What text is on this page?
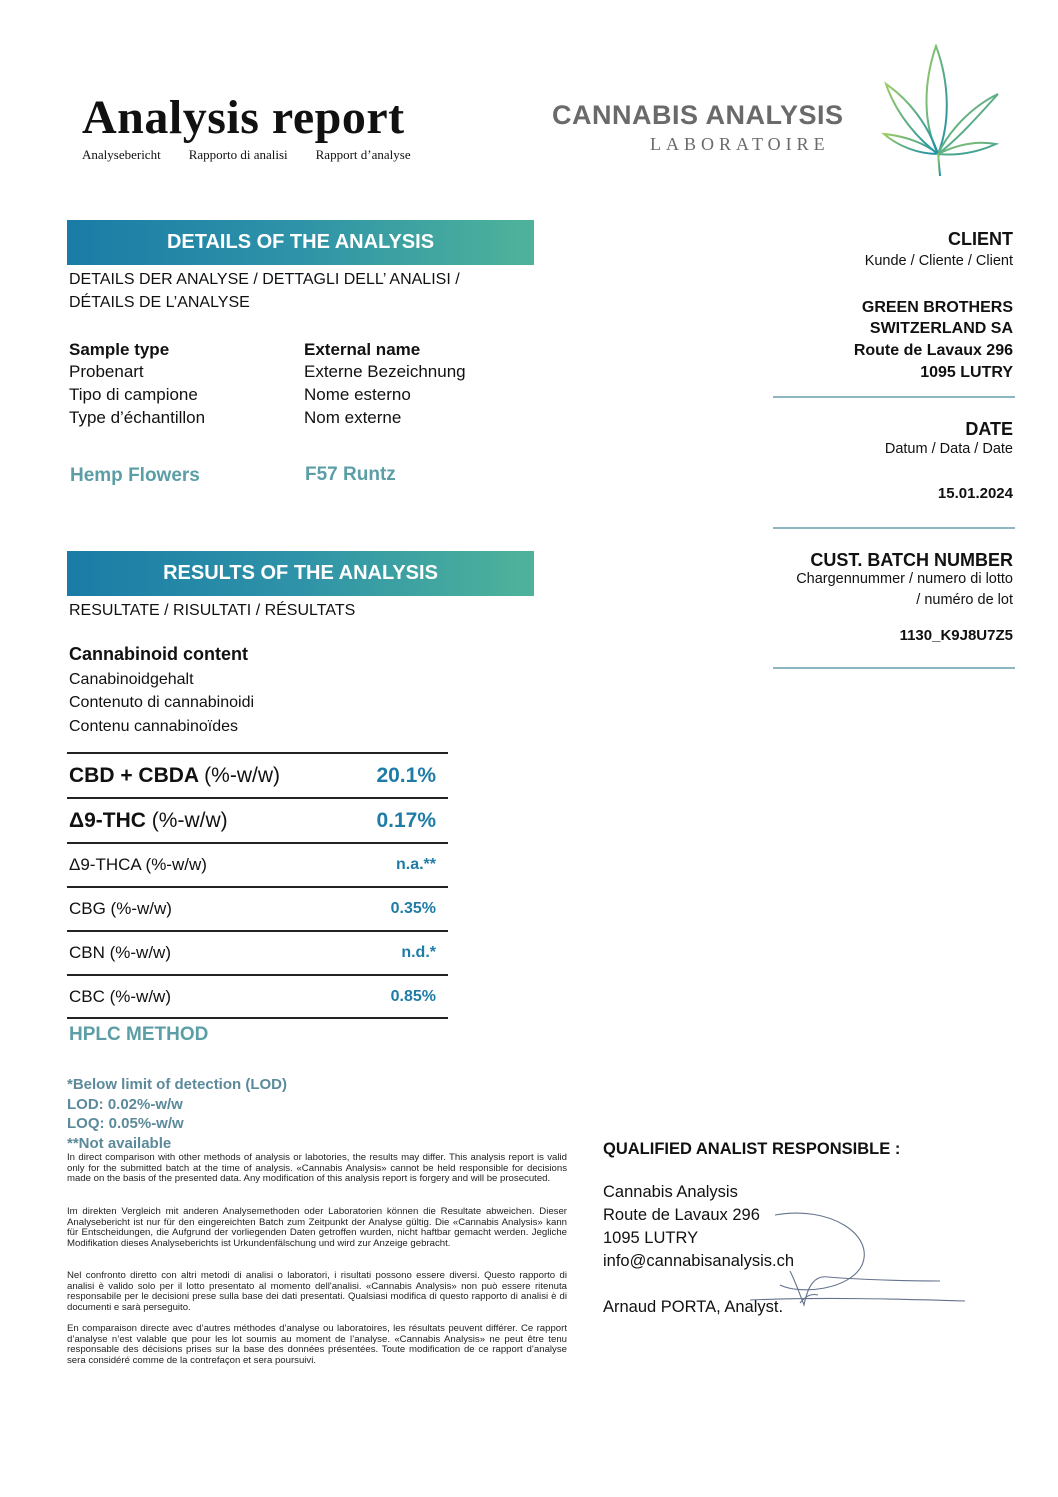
Analysis report
Analysebericht Rapporto di analisi Rapport d’analyse
CANNABIS ANALYSIS
LABORATOIRE
DETAILS OF THE ANALYSIS
DETAILS DER ANALYSE / DETTAGLI DELL’ ANALISI /
DÉTAILS DE L’ANALYSE
Sample type
Probenart
Tipo di campione
Type d’échantillon
Hemp Flowers
External name
Externe Bezeichnung
Nome esterno
Nom externe
F57 Runtz
CLIENT
Kunde / Cliente / Client
GREEN BROTHERS
SWITZERLAND SA
Route de Lavaux 296
1095 LUTRY
DATE
Datum / Data / Date
15.01.2024
CUST. BATCH NUMBER
Chargennummer / numero di lotto
/ numéro de lot
1130_K9J8U7Z5
RESULTS OF THE ANALYSIS
RESULTATE / RISULTATI / RÉSULTATS
Cannabinoid content
Canabinoidgehalt
Contenuto di cannabinoidi
Contenu cannabinoïdes
CBD + CBDA (%-w/w)	20.1%
Δ9-THC (%-w/w)	0.17%
Δ9-THCA (%-w/w)	n.a.**
CBG (%-w/w)	0.35%
CBN (%-w/w)	n.d.*
CBC (%-w/w)	0.85%
HPLC METHOD
*Below limit of detection (LOD)
LOD: 0.02%-w/w
LOQ: 0.05%-w/w
**Not available
In direct comparison with other methods of analysis or labotories, the results may differ. This analysis report is valid only for the submitted batch at the time of analysis. «Cannabis Analysis» cannot be held responsible for decisions made on the basis of the presented data. Any modification of this analysis report is forgery and will be prosecuted.
Im direkten Vergleich mit anderen Analysemethoden oder Laboratorien können die Resultate abweichen. Dieser Analysebericht ist nur für den eingereichten Batch zum Zeitpunkt der Analyse gültig. Die «Cannabis Analysis» kann für Entscheidungen, die Aufgrund der vorliegenden Daten getroffen wurden, nicht haftbar gemacht werden. Jegliche Modifikation dieses Analyseberichts ist Urkundenfälschung und wird zur Anzeige gebracht.
Nel confronto diretto con altri metodi di analisi o laboratori, i risultati possono essere diversi. Questo rapporto di analisi è valido solo per il lotto presentato al momento dell'analisi. «Cannabis Analysis» non può essere ritenuta responsabile per le decisioni prese sulla base dei dati presentati. Qualsiasi modifica di questo rapporto di analisi è di documenti e sarà perseguito.
En comparaison directe avec d’autres méthodes d’analyse ou laboratoires, les résultats peuvent différer. Ce rapport d’analyse n’est valable que pour les lot soumis au moment de l’analyse. «Cannabis Analysis» ne peut être tenu responsable des décisions prises sur la base des données présentées. Toute modification de ce rapport d’analyse sera considéré comme de la contrefaçon et sera poursuivi.
QUALIFIED ANALIST RESPONSIBLE :
Cannabis Analysis
Route de Lavaux 296
1095 LUTRY
info@cannabisanalysis.ch
Arnaud PORTA, Analyst.
